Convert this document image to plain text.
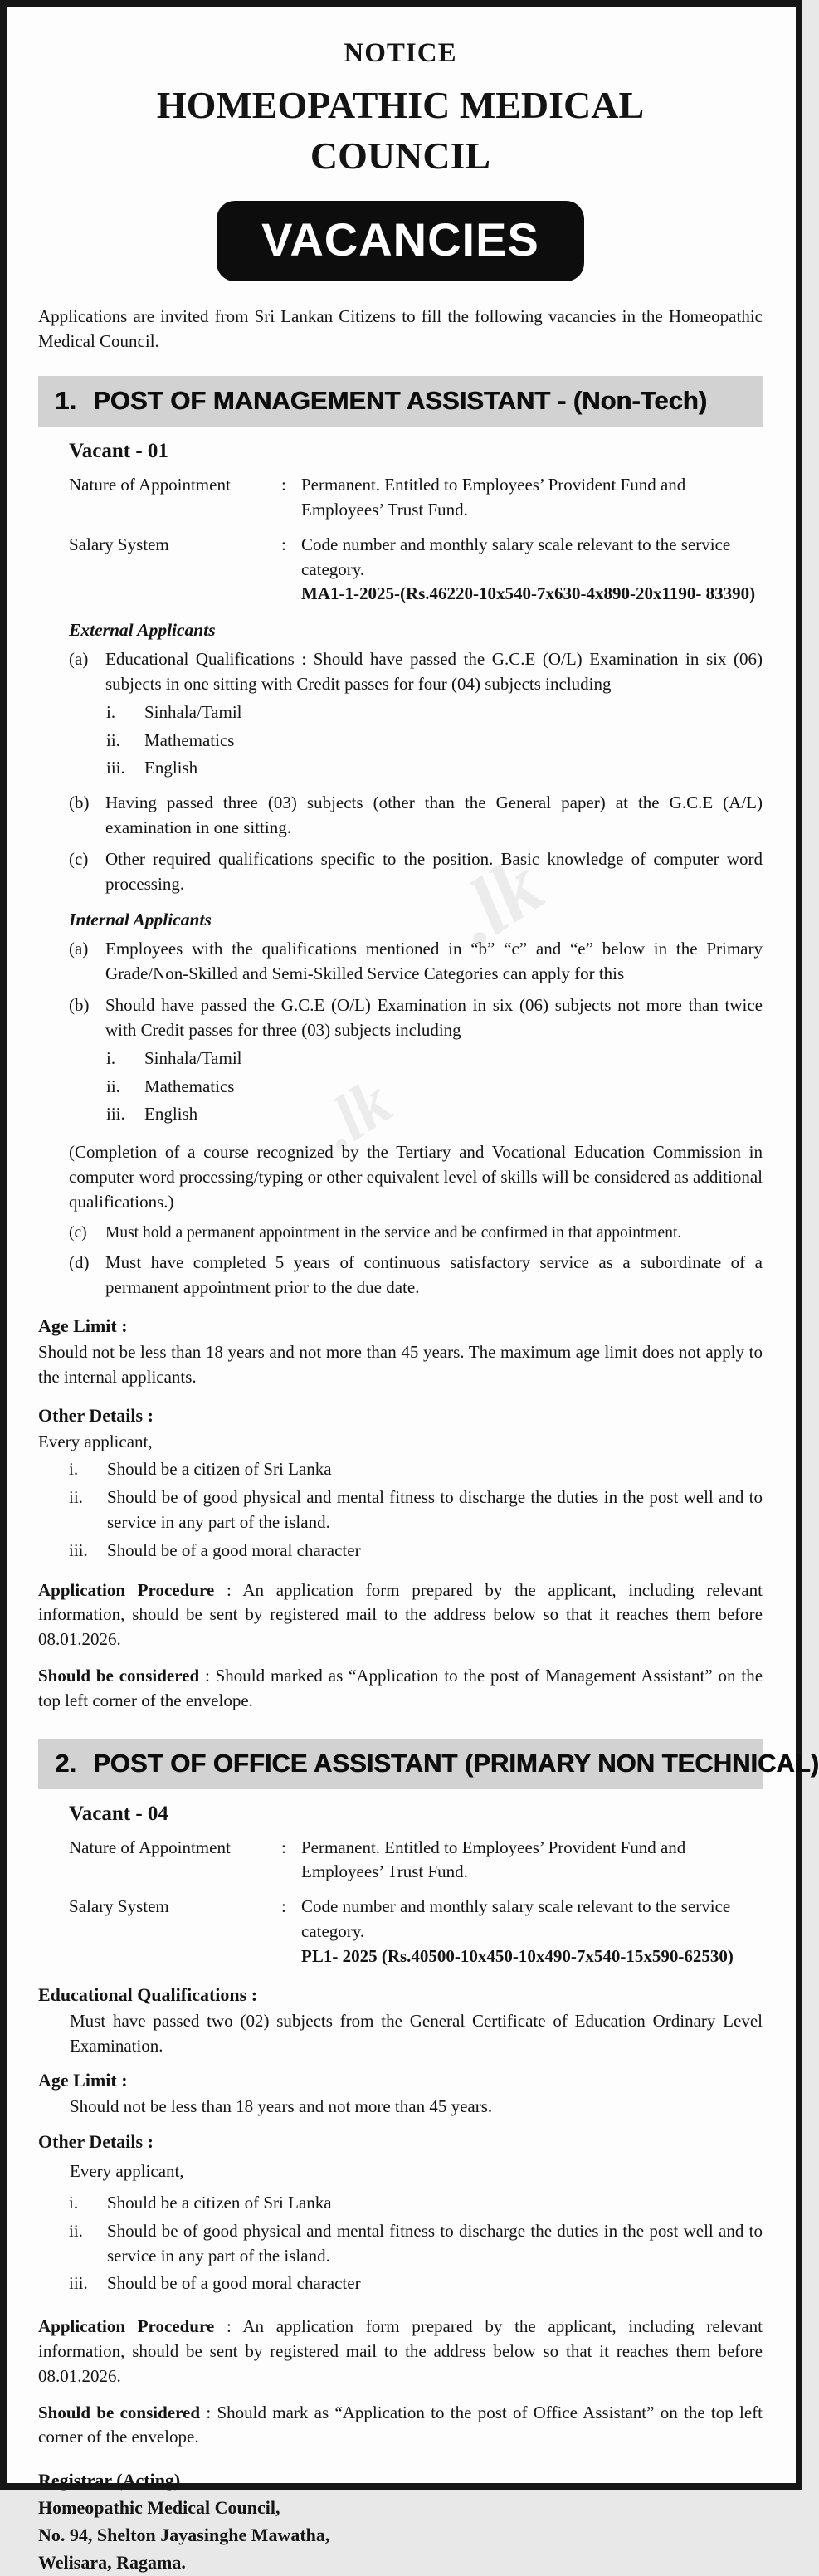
.lk
.lk
NOTICE
HOMEOPATHIC MEDICAL COUNCIL
VACANCIES
Applications are invited from Sri Lankan Citizens to fill the following vacancies in the Homeopathic Medical Council.
1. POST OF MANAGEMENT ASSISTANT - (Non-Tech)
Vacant - 01
Nature of Appointment	: Permanent. Entitled to Employees’ Provident Fund and Employees’ Trust Fund.
Salary System	: Code number and monthly salary scale relevant to the service category.
MA1-1-2025-(Rs.46220-10x540-7x630-4x890-20x1190- 83390)
External Applicants
(a) Educational Qualifications : Should have passed the G.C.E (O/L) Examination in six (06) subjects in one sitting with Credit passes for four (04) subjects including
i.	Sinhala/Tamil
ii.	Mathematics
iii.	English
(b) Having passed three (03) subjects (other than the General paper) at the G.C.E (A/L) examination in one sitting.
(c) Other required qualifications specific to the position. Basic knowledge of computer word processing.
Internal Applicants
(a) Employees with the qualifications mentioned in “b” “c” and “e” below in the Primary Grade/Non-Skilled and Semi-Skilled Service Categories can apply for this
(b) Should have passed the G.C.E (O/L) Examination in six (06) subjects not more than twice with Credit passes for three (03) subjects including
i.	Sinhala/Tamil
ii.	Mathematics
iii.	English
(Completion of a course recognized by the Tertiary and Vocational Education Commission in computer word processing/typing or other equivalent level of skills will be considered as additional qualifications.)
(c)	Must hold a permanent appointment in the service and be confirmed in that appointment.
(d) Must have completed 5 years of continuous satisfactory service as a subordinate of a permanent appointment prior to the due date.
Age Limit :
Should not be less than 18 years and not more than 45 years. The maximum age limit does not apply to the internal applicants.
Other Details :
Every applicant,
i.	Should be a citizen of Sri Lanka
ii.	Should be of good physical and mental fitness to discharge the duties in the post well and to service in any part of the island.
iii.	Should be of a good moral character
Application Procedure : An application form prepared by the applicant, including relevant information, should be sent by registered mail to the address below so that it reaches them before 08.01.2026.
Should be considered : Should marked as “Application to the post of Management Assistant” on the top left corner of the envelope.
2. POST OF OFFICE ASSISTANT (PRIMARY NON TECHNICAL)
Vacant - 04
Nature of Appointment	: Permanent. Entitled to Employees’ Provident Fund and Employees’ Trust Fund.
Salary System	: Code number and monthly salary scale relevant to the service category.
PL1- 2025 (Rs.40500-10x450-10x490-7x540-15x590-62530)
Educational Qualifications :
Must have passed two (02) subjects from the General Certificate of Education Ordinary Level Examination.
Age Limit :
Should not be less than 18 years and not more than 45 years.
Other Details :
Every applicant,
i.	Should be a citizen of Sri Lanka
ii.	Should be of good physical and mental fitness to discharge the duties in the post well and to service in any part of the island.
iii.	Should be of a good moral character
Application Procedure : An application form prepared by the applicant, including relevant information, should be sent by registered mail to the address below so that it reaches them before 08.01.2026.
Should be considered : Should mark as “Application to the post of Office Assistant” on the top left corner of the envelope.
Registrar (Acting),
Homeopathic Medical Council,
No. 94, Shelton Jayasinghe Mawatha,
Welisara, Ragama.
